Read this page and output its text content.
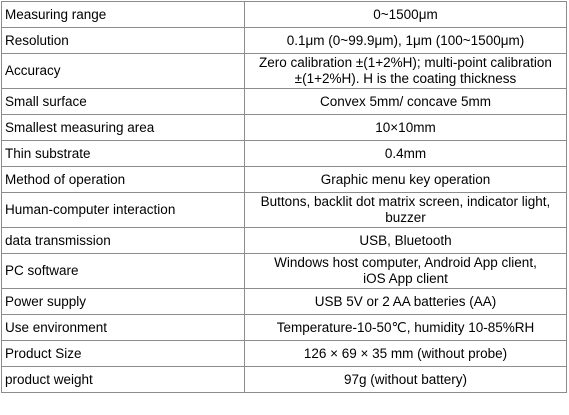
Measuring range	0~1500μm

Resolution	0.1μm (0~99.9μm), 1μm (100~1500μm)

Accuracy	Zero calibration ±(1+2%H); multi-point calibration
±(1+2%H). H is the coating thickness

Small surface	Convex 5mm/ concave 5mm

Smallest measuring area	10×10mm

Thin substrate	0.4mm

Method of operation	Graphic menu key operation

Human-computer interaction	Buttons, backlit dot matrix screen, indicator light,
buzzer

data transmission	USB, Bluetooth

PC software	Windows host computer, Android App client,
iOS App client

Power supply	USB 5V or 2 AA batteries (AA)

Use environment	Temperature-10-50℃, humidity 10-85%RH

Product Size	126 × 69 × 35 mm (without probe)

product weight	97g (without battery)
